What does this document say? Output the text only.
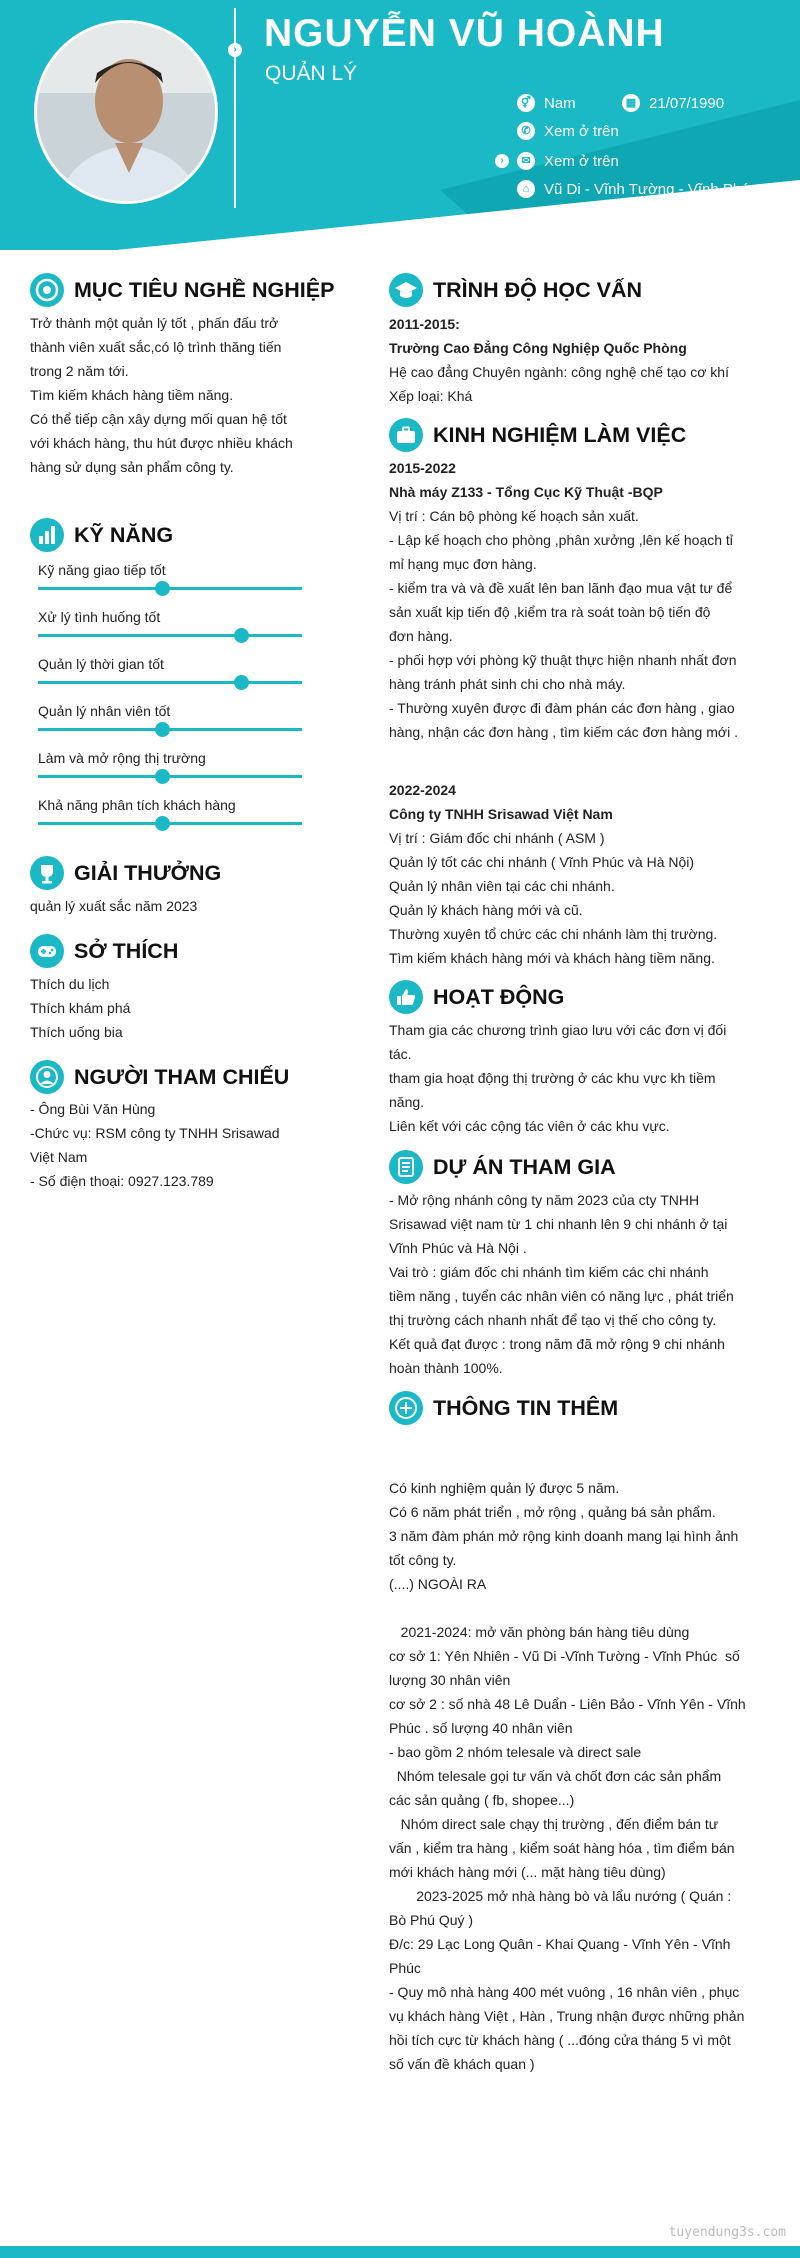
› NGUYỄN VŨ HOÀNH
QUẢN LÝ
⚥ Nam	▦ 21/07/1990
✆ Xem ở trên
›	✉ Xem ở trên
⌂ Vũ Di - Vĩnh Tường - Vĩnh Phúc
MỤC TIÊU NGHỀ NGHIỆP

Trở thành một quản lý tốt , phấn đấu trở

thành viên xuất sắc,có lộ trình thăng tiến

trong 2 năm tới.

Tìm kiếm khách hàng tiềm năng.

Có thể tiếp cận xây dựng mối quan hệ tốt

với khách hàng, thu hút được nhiều khách

hàng sử dụng sản phẩm công ty.

KỸ NĂNG
Kỹ năng giao tiếp tốt
Xử lý tình huống tốt
Quản lý thời gian tốt
Quản lý nhân viên tốt
Làm và mở rộng thị trường
Khả năng phân tích khách hàng
GIẢI THƯỞNG

quản lý xuất sắc năm 2023

SỞ THÍCH

Thích du lịch

Thích khám phá

Thích uống bia

NGƯỜI THAM CHIẾU

- Ông Bùi Văn Hùng

-Chức vụ: RSM công ty TNHH Srisawad

Việt Nam

- Số điện thoại: 0927.123.789

TRÌNH ĐỘ HỌC VẤN

2011-2015:

Trường Cao Đẳng Công Nghiệp Quốc Phòng

Hệ cao đẳng Chuyên ngành: công nghệ chế tạo cơ khí

Xếp loại: Khá

KINH NGHIỆM LÀM VIỆC

2015-2022

Nhà máy Z133 - Tổng Cục Kỹ Thuật -BQP

Vị trí : Cán bộ phòng kế hoạch sản xuất.

- Lập kế hoạch cho phòng ,phân xưởng ,lên kế hoạch tỉ

mỉ hạng mục đơn hàng.

- kiểm tra và và đề xuất lên ban lãnh đạo mua vật tư để

sản xuất kịp tiến độ ,kiểm tra rà soát toàn bộ tiến độ

đơn hàng.

- phối hợp với phòng kỹ thuật thực hiện nhanh nhất đơn

hàng tránh phát sinh chi cho nhà máy.

- Thường xuyên được đi đàm phán các đơn hàng , giao

hàng, nhận các đơn hàng , tìm kiếm các đơn hàng mới .

2022-2024

Công ty TNHH Srisawad Việt Nam

Vị trí : Giám đốc chi nhánh ( ASM )

Quản lý tốt các chi nhánh ( Vĩnh Phúc và Hà Nội)

Quản lý nhân viên tại các chi nhánh.

Quản lý khách hàng mới và cũ.

Thường xuyên tổ chức các chi nhánh làm thị trường.

Tìm kiếm khách hàng mới và khách hàng tiềm năng.

HOẠT ĐỘNG

Tham gia các chương trình giao lưu với các đơn vị đối

tác.

tham gia hoạt động thị trường ở các khu vực kh tiềm

năng.

Liên kết với các cộng tác viên ở các khu vực.

DỰ ÁN THAM GIA

- Mở rộng nhánh công ty năm 2023 của cty TNHH

Srisawad việt nam từ 1 chi nhanh lên 9 chi nhánh ở tại

Vĩnh Phúc và Hà Nội .

Vai trò : giám đốc chi nhánh tìm kiếm các chi nhánh

tiềm năng , tuyển các nhân viên có năng lực , phát triển

thị trường cách nhanh nhất để tạo vị thế cho công ty.

Kết quả đạt được : trong năm đã mở rộng 9 chi nhánh

hoàn thành 100%.

THÔNG TIN THÊM

Có kinh nghiệm quản lý được 5 năm.

Có 6 năm phát triển , mở rộng , quảng bá sản phẩm.

3 năm đàm phán mở rộng kinh doanh mang lại hình ảnh

tốt công ty.

(....) NGOÀI RA

2021-2024: mở văn phòng bán hàng tiêu dùng

cơ sở 1: Yên Nhiên - Vũ Di -Vĩnh Tường - Vĩnh Phúc  số

lượng 30 nhân viên

cơ sở 2 : số nhà 48 Lê Duẩn - Liên Bảo - Vĩnh Yên - Vĩnh

Phúc . số lượng 40 nhân viên

- bao gồm 2 nhóm telesale và direct sale

Nhóm telesale gọi tư vấn và chốt đơn các sản phẩm

các sản quảng ( fb, shopee...)

Nhóm direct sale chạy thị trường , đến điểm bán tư

vấn , kiểm tra hàng , kiểm soát hàng hóa , tìm điểm bán

mới khách hàng mới (... mặt hàng tiêu dùng)

2023-2025 mở nhà hàng bò và lẩu nướng ( Quán :

Bò Phú Quý )

Đ/c: 29 Lạc Long Quân - Khai Quang - Vĩnh Yên - Vĩnh

Phúc

- Quy mô nhà hàng 400 mét vuông , 16 nhân viên , phục

vụ khách hàng Việt , Hàn , Trung nhận được những phản

hồi tích cực từ khách hàng ( ...đóng cửa tháng 5 vì một

số vấn đề khách quan )

tuyendung3s.com
